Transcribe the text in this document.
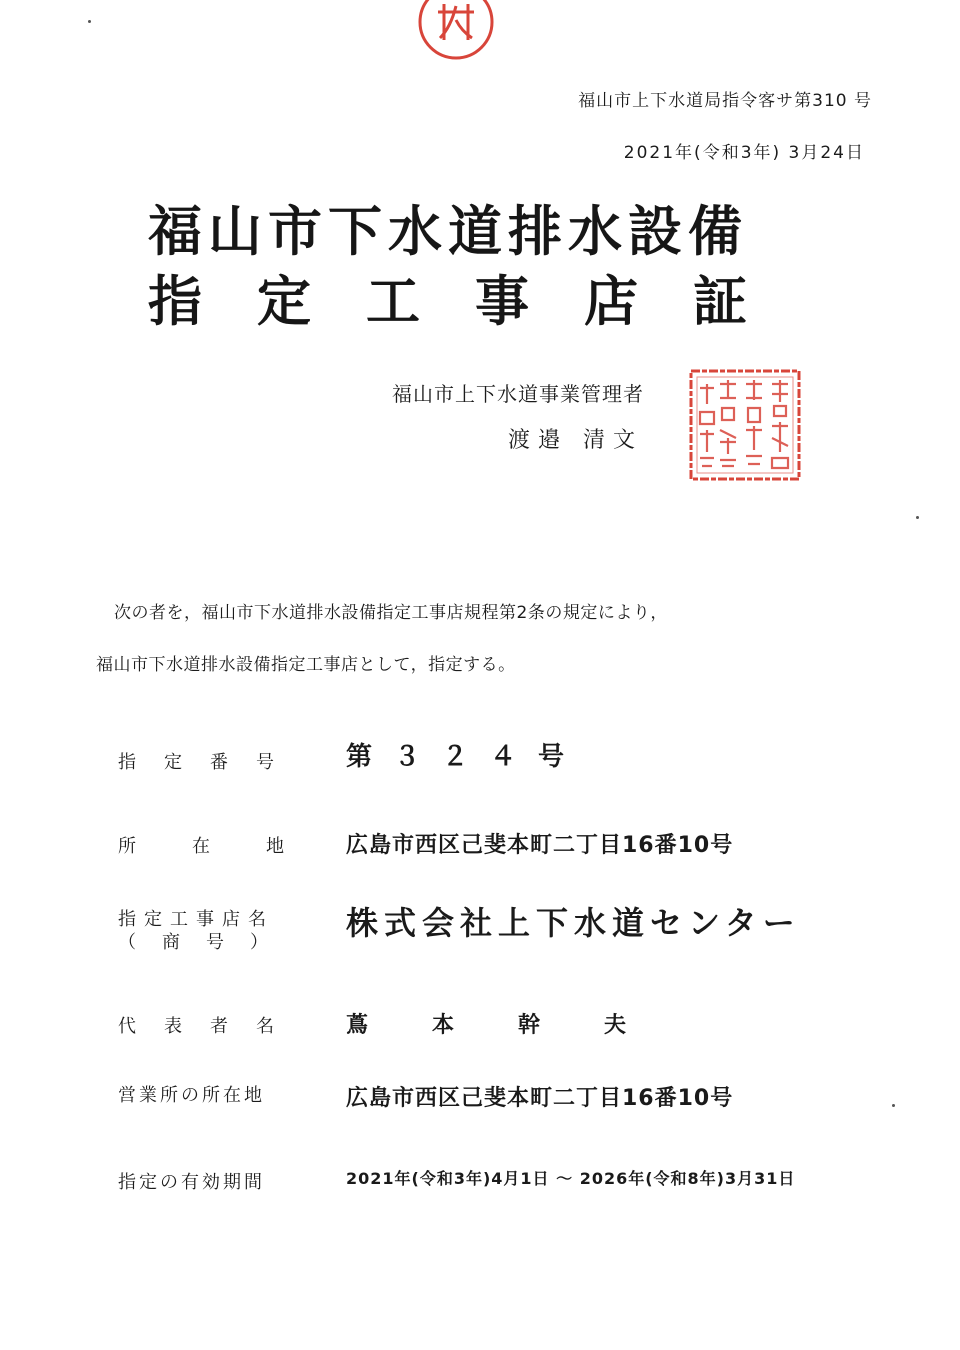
福山市上下水道局指令客サ第310 号
2021年(令和3年) 3月24日
福山市下水道排水設備
指定工事店証
福山市上下水道事業管理者
渡邉 清文
次の者を，福山市下水道排水設備指定工事店規程第2条の規定により，
福山市下水道排水設備指定工事店として，指定する。
指定番号 第３２４号
所在地 広島市西区己斐本町二丁目16番10号
指定工事店名
（商号）
株式会社上下水道センター
代表者名 蔦本幹夫
営業所の所在地	広島市西区己斐本町二丁目16番10号
指定の有効期間	2021年(令和3年)4月1日 ～ 2026年(令和8年)3月31日
